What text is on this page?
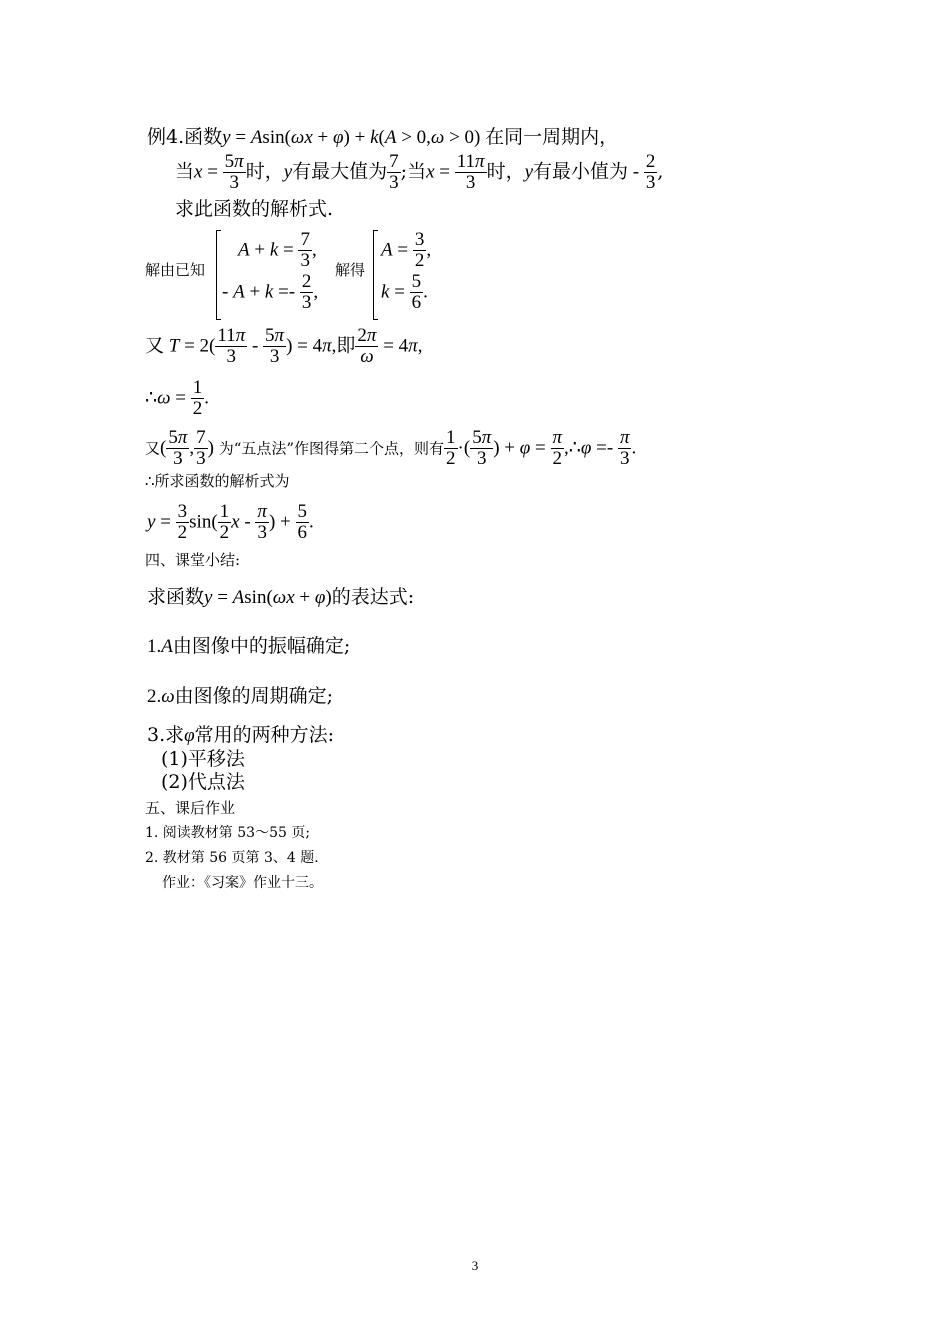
例4.函数y = Asin(ωx + φ) + k(A > 0,ω > 0) 在同一周期内，
当$x = \frac{5\pi}{3}$ 时，y有最大值为 $\frac{7}{3}$ ;当$x = \frac{11\pi}{3}$ 时，y有最小值为 - $\frac{2}{3}$ ,
求此函数的解析式.
解由已知
$A + k = \frac{7}{3}$ ,
- $A + k =- \frac{2}{3}$ ,
解得
$A = \frac{3}{2}$ ,
$k = \frac{5}{6}$ .
又 $T = 2( \frac{11\pi}{3} - \frac{5\pi}{3}$ ) = 4π,即 $\frac{2\pi}{\omega} = 4\pi$,
∴ω = $\frac{1}{2}$ .
又( $\frac{5\pi}{3}$ , $\frac{7}{3}$ ) 为“五点法”作图得第二个点，则有 $\frac{1}{2}$ ·( $\frac{5\pi}{3}$ ) + $\varphi = \frac{\pi}{2}$ ,∴φ =- $\frac{\pi}{3}$ .
∴所求函数的解析式为
$y = \frac{3}{2} \sin( \frac{1}{2}$ x - $\frac{\pi}{3}$ ) + $\frac{5}{6}$ .
四、课堂小结:
求函数y = Asin(ωx + φ)的表达式:
1.A由图像中的振幅确定;
2.ω由图像的周期确定;
3.求φ常用的两种方法:
(1)平移法
(2)代点法
五、课后作业
1. 阅读教材第 53～55 页;
2. 教材第 56 页第 3、4 题.
作业：《习案》作业十三。
3
